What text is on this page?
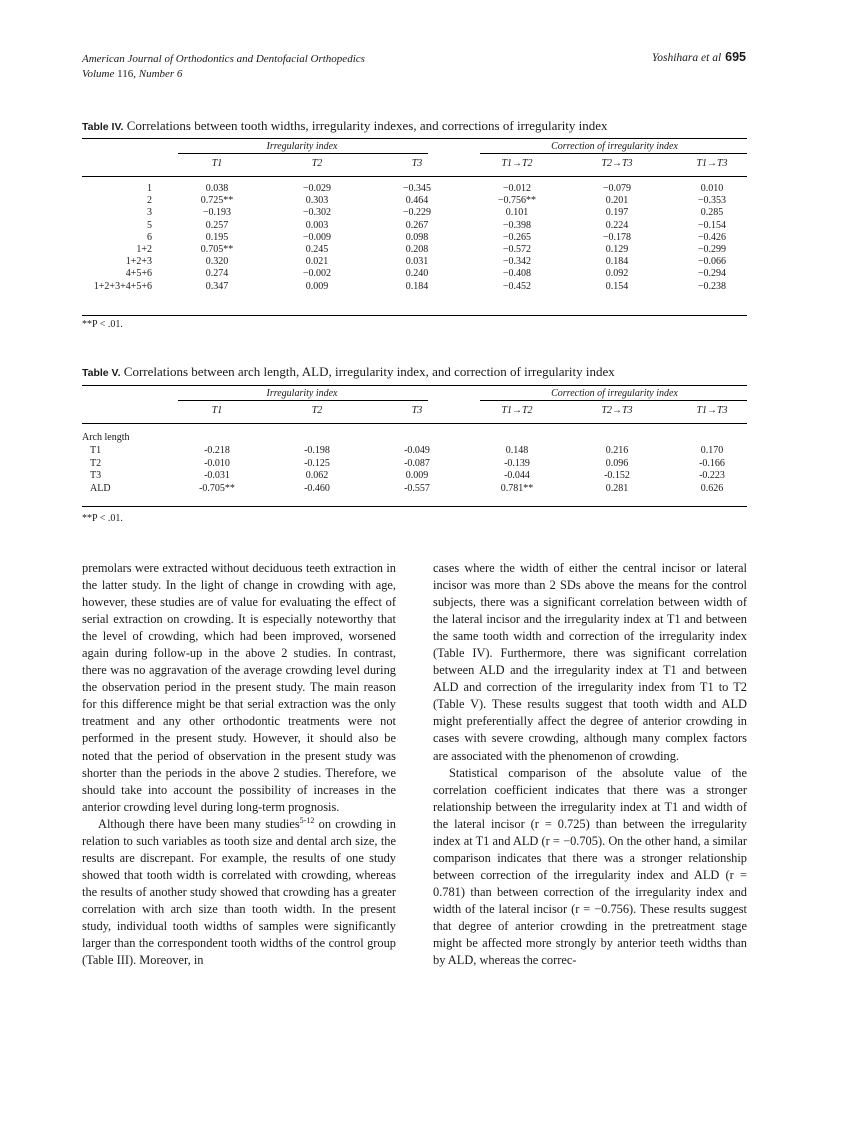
American Journal of Orthodontics and Dentofacial Orthopedics
Volume 116, Number 6
Yoshihara et al 695
Table IV. Correlations between tooth widths, irregularity indexes, and corrections of irregularity index
Irregularity index	Correction of irregularity index
T1	T2	T3	T1→T2	T2→T3	T1→T3
1	0.038	−0.029	−0.345	−0.012	−0.079	0.010
2	0.725**	0.303	0.464	−0.756**	0.201	−0.353
3	−0.193	−0.302	−0.229	0.101	0.197	0.285
5	0.257	0.003	0.267	−0.398	0.224	−0.154
6	0.195	−0.009	0.098	−0.265	−0.178	−0.426
1+2	0.705**	0.245	0.208	−0.572	0.129	−0.299
1+2+3	0.320	0.021	0.031	−0.342	0.184	−0.066
4+5+6	0.274	−0.002	0.240	−0.408	0.092	−0.294
1+2+3+4+5+6	0.347	0.009	0.184	−0.452	0.154	−0.238
**P < .01.
Table V. Correlations between arch length, ALD, irregularity index, and correction of irregularity index
Irregularity index	Correction of irregularity index
Arch length
T1	T2	T3	T1→T2	T2→T3	T1→T3
T1	-0.218	-0.198	-0.049	0.148	0.216	0.170
T2	-0.010	-0.125	-0.087	-0.139	0.096	-0.166
T3	-0.031	0.062	0.009	-0.044	-0.152	-0.223
ALD	-0.705**	-0.460	-0.557	0.781**	0.281	0.626
**P < .01.

premolars were extracted without deciduous teeth extraction in the latter study. In the light of change in crowding with age, however, these studies are of value for evaluating the effect of serial extraction on crowding. It is especially noteworthy that the level of crowding, which had been improved, worsened again during follow-up in the above 2 studies. In contrast, there was no aggravation of the average crowding level during the observation period in the present study. The main reason for this difference might be that serial extraction was the only treatment and any other orthodontic treatments were not performed in the present study. However, it should also be noted that the period of observation in the present study was shorter than the periods in the above 2 studies. Therefore, we should take into account the possibility of increases in the anterior crowding level during long-term prognosis.

Although there have been many studies$^{5-12}$ on crowding in relation to such variables as tooth size and dental arch size, the results are discrepant. For example, the results of one study showed that tooth width is correlated with crowding, whereas the results of another study showed that crowding has a greater correlation with arch size than tooth width. In the present study, individual tooth widths of samples were significantly larger than the correspondent tooth widths of the control group (Table III). Moreover, in

cases where the width of either the central incisor or lateral incisor was more than 2 SDs above the means for the control subjects, there was a significant correlation between width of the lateral incisor and the irregularity index at T1 and between the same tooth width and correction of the irregularity index (Table IV). Furthermore, there was significant correlation between ALD and the irregularity index at T1 and between ALD and correction of the irregularity index from T1 to T2 (Table V). These results suggest that tooth width and ALD might preferentially affect the degree of anterior crowding in cases with severe crowding, although many complex factors are associated with the phenomenon of crowding.

Statistical comparison of the absolute value of the correlation coefficient indicates that there was a stronger relationship between the irregularity index at T1 and width of the lateral incisor (r = 0.725) than between the irregularity index at T1 and ALD (r = −0.705). On the other hand, a similar comparison indicates that there was a stronger relationship between correction of the irregularity index and ALD (r = 0.781) than between correction of the irregularity index and width of the lateral incisor (r = −0.756). These results suggest that degree of anterior crowding in the pretreatment stage might be affected more strongly by anterior teeth widths than by ALD, whereas the correc-
